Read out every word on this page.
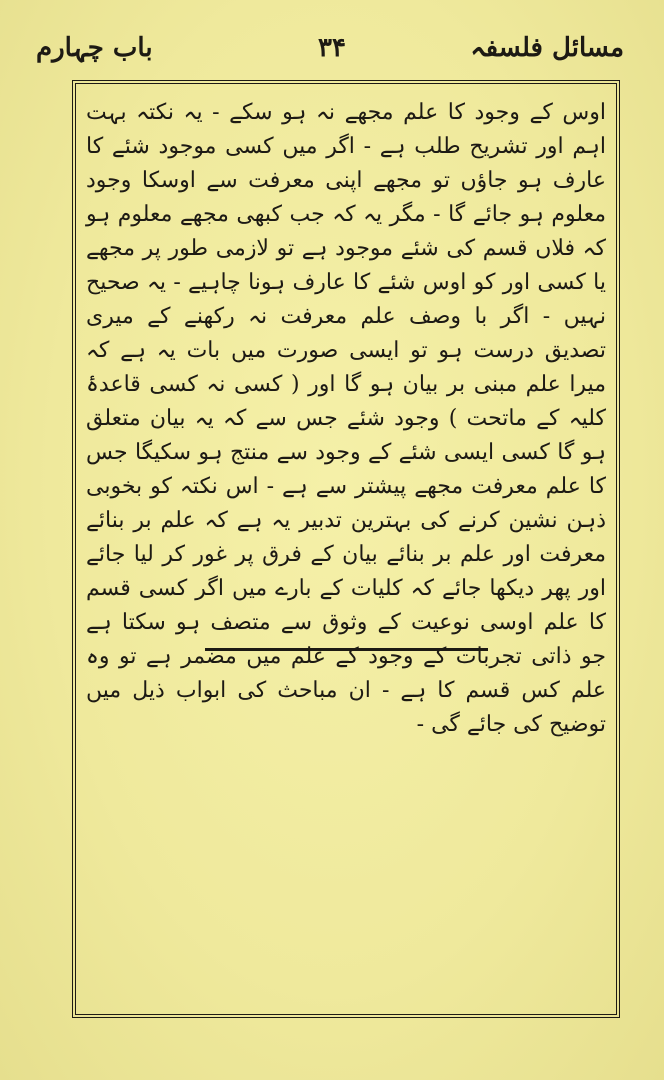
مسائل فلسفہ
۳۴
باب چہارم

اوس کے وجود کا علم مجھے نہ ہو سکے - یہ نکتہ بہت اہم اور تشریح طلب ہے - اگر میں کسی موجود شئے کا عارف ہو جاؤں تو مجھے اپنی معرفت سے اوسکا وجود معلوم ہو جائے گا - مگر یہ کہ جب کبھی مجھے معلوم ہو کہ فلاں قسم کی شئے موجود ہے تو لازمی طور پر مجھے یا کسی اور کو اوس شئے کا عارف ہونا چاہیے - یہ صحیح نہیں - اگر با وصف علم معرفت نہ رکھنے کے میری تصدیق درست ہو تو ایسی صورت میں بات یہ ہے کہ میرا علم مبنی بر بیان ہو گا اور ( کسی نہ کسی قاعدۂ کلیہ کے ماتحت ) وجود شئے جس سے کہ یہ بیان متعلق ہو گا کسی ایسی شئے کے وجود سے منتج ہو سکیگا جس کا علم معرفت مجھے پیشتر سے ہے - اس نکتہ کو بخوبی ذہن نشین کرنے کی بہترین تدبیر یہ ہے کہ علم بر بنائے معرفت اور علم بر بنائے بیان کے فرق پر غور کر لیا جائے اور پھر دیکھا جائے کہ کلیات کے بارے میں اگر کسی قسم کا علم اوسی نوعیت کے وثوق سے متصف ہو سکتا ہے جو ذاتی تجربات کے وجود کے علم میں مضمر ہے تو وہ علم کس قسم کا ہے - ان مباحث کی ابواب ذیل میں توضیح کی جائے گی -
